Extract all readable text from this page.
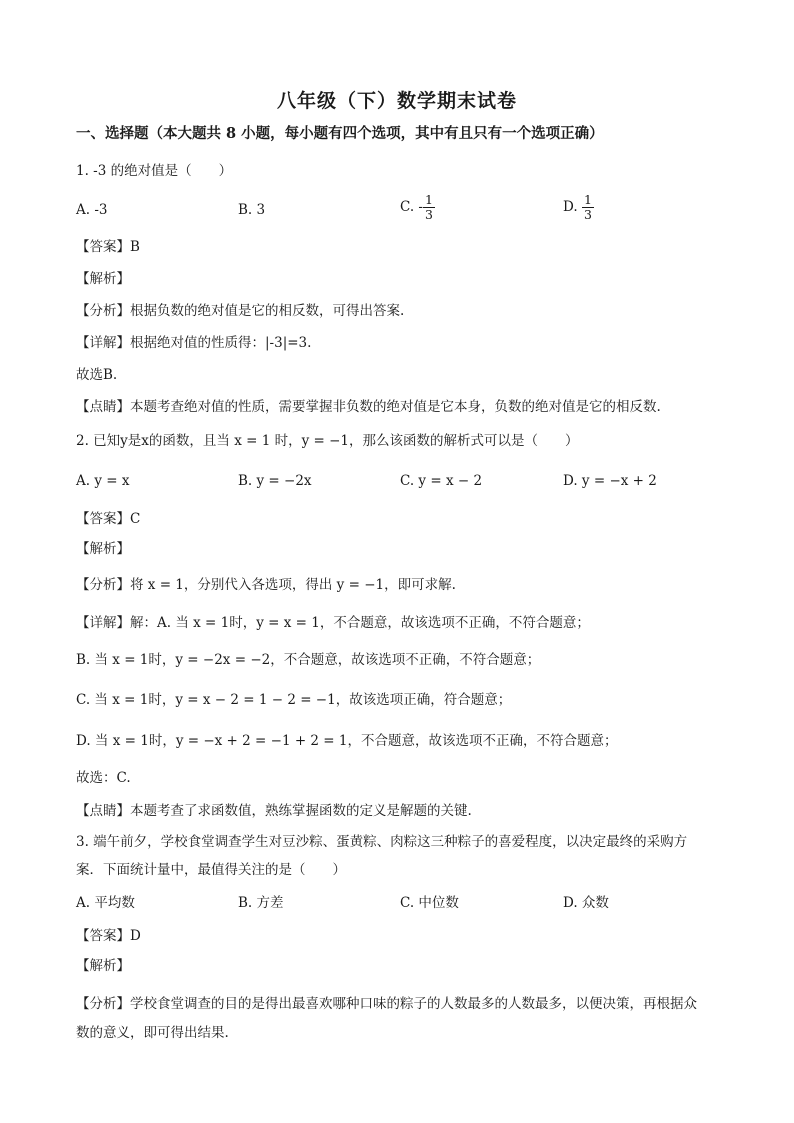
八年级（下）数学期末试卷
一、选择题（本大题共 8 小题，每小题有四个选项，其中有且只有一个选项正确）
1. -3 的绝对值是（　　）
A. -3	B. 3	C. - $\frac{1}{3}$	D. $\frac{1}{3}$
【答案】B
【解析】
【分析】根据负数的绝对值是它的相反数，可得出答案.
【详解】根据绝对值的性质得：|-3|=3.
故选B.
【点睛】本题考查绝对值的性质，需要掌握非负数的绝对值是它本身，负数的绝对值是它的相反数.
2. 已知y是x的函数，且当 x = 1 时，y = −1，那么该函数的解析式可以是（　　）
A. y = x	B. y = −2x	C. y = x − 2	D. y = −x + 2
【答案】C
【解析】
【分析】将 x = 1，分别代入各选项，得出 y = −1，即可求解.
【详解】解：A. 当 x = 1时，y = x = 1，不合题意，故该选项不正确，不符合题意；
B. 当 x = 1时，y = −2x = −2，不合题意，故该选项不正确，不符合题意；
C. 当 x = 1时，y = x − 2 = 1 − 2 = −1，故该选项正确，符合题意；
D. 当 x = 1时，y = −x + 2 = −1 + 2 = 1，不合题意，故该选项不正确，不符合题意；
故选：C.
【点睛】本题考查了求函数值，熟练掌握函数的定义是解题的关键.
3. 端午前夕，学校食堂调查学生对豆沙粽、蛋黄粽、肉粽这三种粽子的喜爱程度，以决定最终的采购方
案．下面统计量中，最值得关注的是（　　）
A. 平均数	B. 方差	C. 中位数	D. 众数
【答案】D
【解析】
【分析】学校食堂调查的目的是得出最喜欢哪种口味的粽子的人数最多的人数最多，以便决策，再根据众
数的意义，即可得出结果.
